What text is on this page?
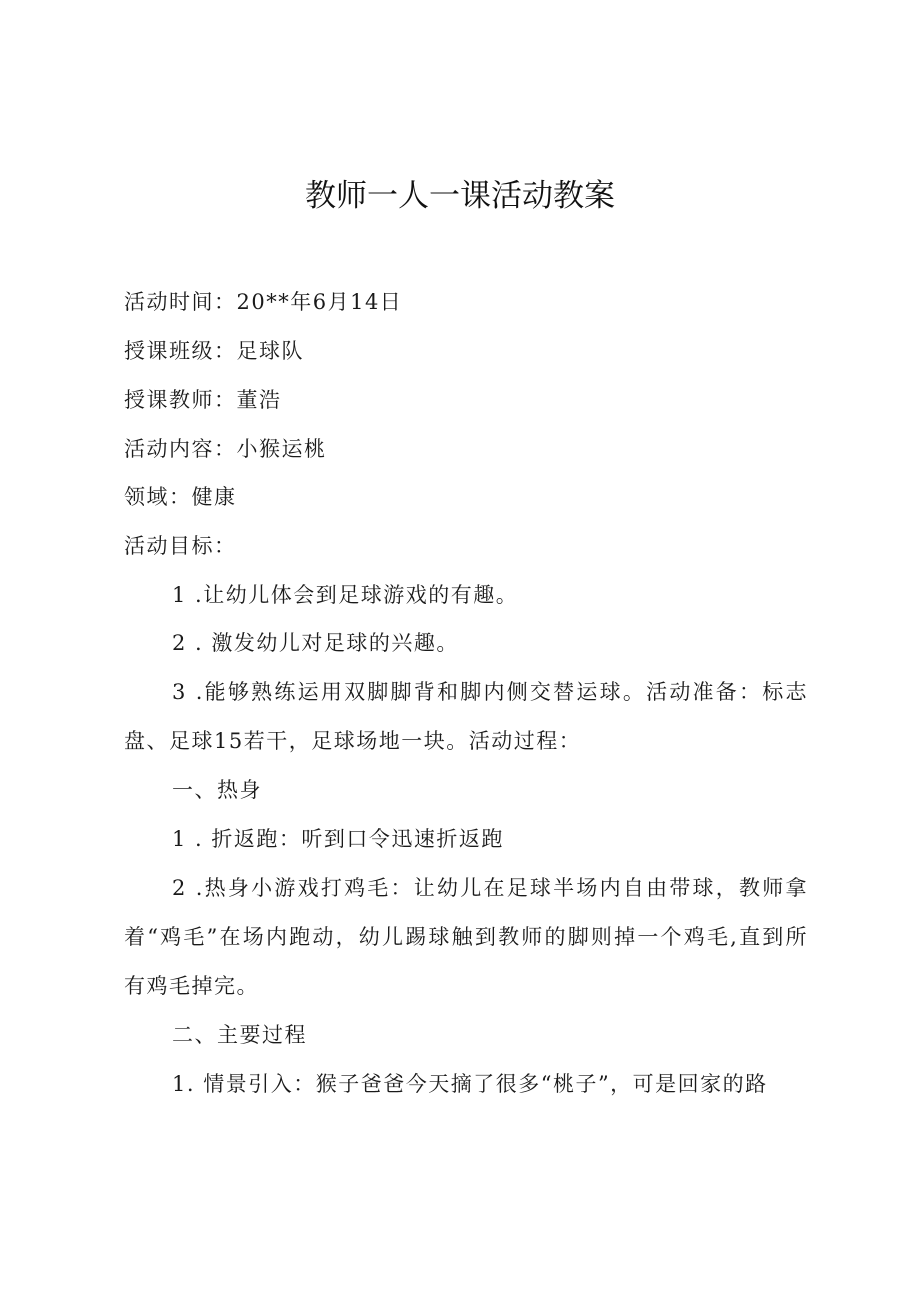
教师一人一课活动教案
活动时间：20**年6月14日
授课班级：足球队
授课教师：董浩
活动内容：小猴运桃
领域：健康
活动目标：
1 .让幼儿体会到足球游戏的有趣。
2 . 激发幼儿对足球的兴趣。
3 .能够熟练运用双脚脚背和脚内侧交替运球。活动准备：标志盘、足球15若干，足球场地一块。活动过程：
一、热身
1 . 折返跑：听到口令迅速折返跑
2 .热身小游戏打鸡毛：让幼儿在足球半场内自由带球，教师拿着“鸡毛”在场内跑动，幼儿踢球触到教师的脚则掉一个鸡毛,直到所有鸡毛掉完。
二、主要过程
1. 情景引入：猴子爸爸今天摘了很多“桃子”，可是回家的路
